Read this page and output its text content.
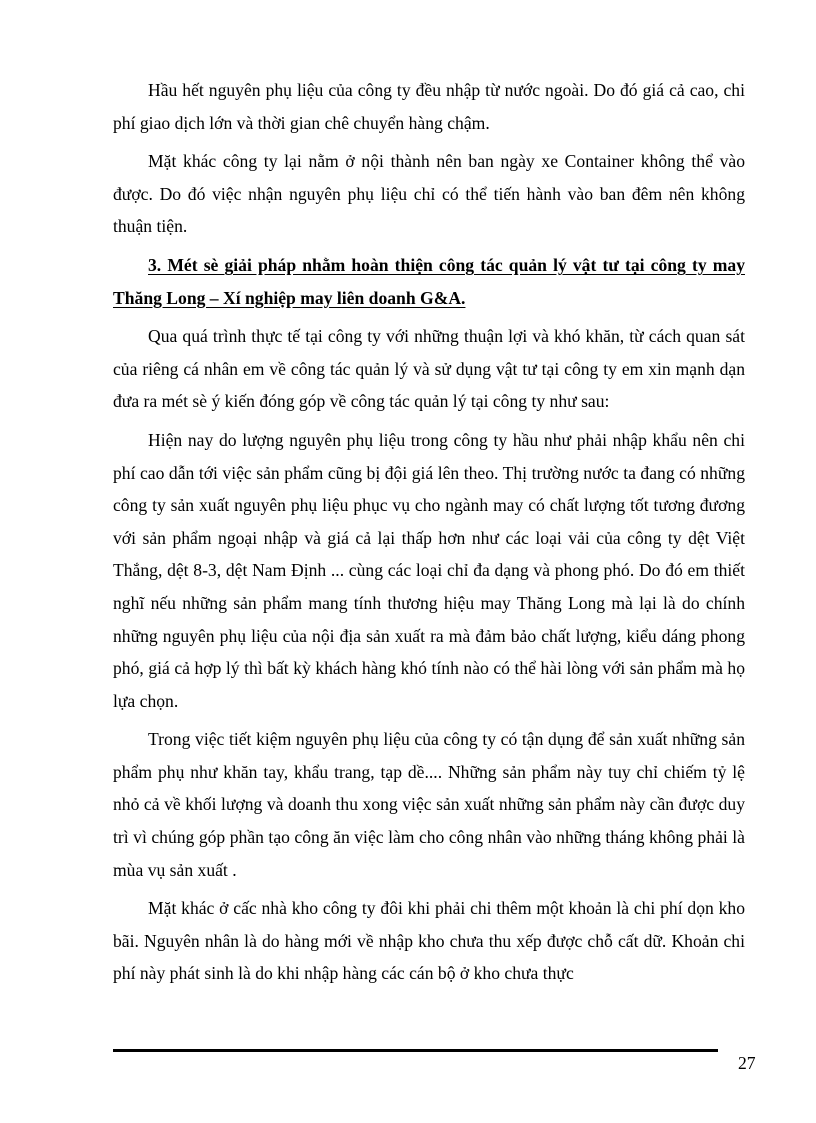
Hầu hết nguyên phụ liệu của công ty đều nhập từ nước ngoài. Do đó giá cả cao, chi phí giao dịch lớn và thời gian chê chuyển hàng chậm.

Mặt khác công ty lại nằm ở nội thành nên ban ngày xe Container không thể vào được. Do đó việc nhận nguyên phụ liệu chỉ có thể tiến hành vào ban đêm nên không thuận tiện.

3. Mét sè giải pháp nhằm hoàn thiện công tác quản lý vật tư tại công ty may Thăng Long – Xí nghiệp may liên doanh G&A.

Qua quá trình thực tế tại công ty với những thuận lợi và khó khăn, từ cách quan sát của riêng cá nhân em về công tác quản lý và sử dụng vật tư tại công ty em xin mạnh dạn đưa ra mét sè ý kiến đóng góp về công tác quản lý tại công ty như sau:

Hiện nay do lượng nguyên phụ liệu trong công ty hầu như phải nhập khẩu nên chi phí cao dẫn tới việc sản phẩm cũng bị đội giá lên theo. Thị trường nước ta đang có những công ty sản xuất nguyên phụ liệu phục vụ cho ngành may có chất lượng tốt tương đương với sản phẩm ngoại nhập và giá cả lại thấp hơn như các loại vải của công ty dệt Việt Thắng, dệt 8-3, dệt Nam Định ... cùng các loại chỉ đa dạng và phong phó. Do đó em thiết nghĩ nếu những sản phẩm mang tính thương hiệu may Thăng Long mà lại là do chính những nguyên phụ liệu của nội địa sản xuất ra mà đảm bảo chất lượng, kiểu dáng phong phó, giá cả hợp lý thì bất kỳ khách hàng khó tính nào có thể hài lòng với sản phẩm mà họ lựa chọn.

Trong việc tiết kiệm nguyên phụ liệu của công ty có tận dụng để sản xuất những sản phẩm phụ như khăn tay, khẩu trang, tạp dề.... Những sản phẩm này tuy chỉ chiếm tỷ lệ nhỏ cả về khối lượng và doanh thu xong việc sản xuất những sản phẩm này cần được duy trì vì chúng góp phần tạo công ăn việc làm cho công nhân vào những tháng không phải là mùa vụ sản xuất .

Mặt khác ở cấc nhà kho công ty đôi khi phải chi thêm một khoản là chi phí dọn kho bãi. Nguyên nhân là do hàng mới về nhập kho chưa thu xếp được chỗ cất dữ. Khoản chi phí này phát sinh là do khi nhập hàng các cán bộ ở kho chưa thực

27
